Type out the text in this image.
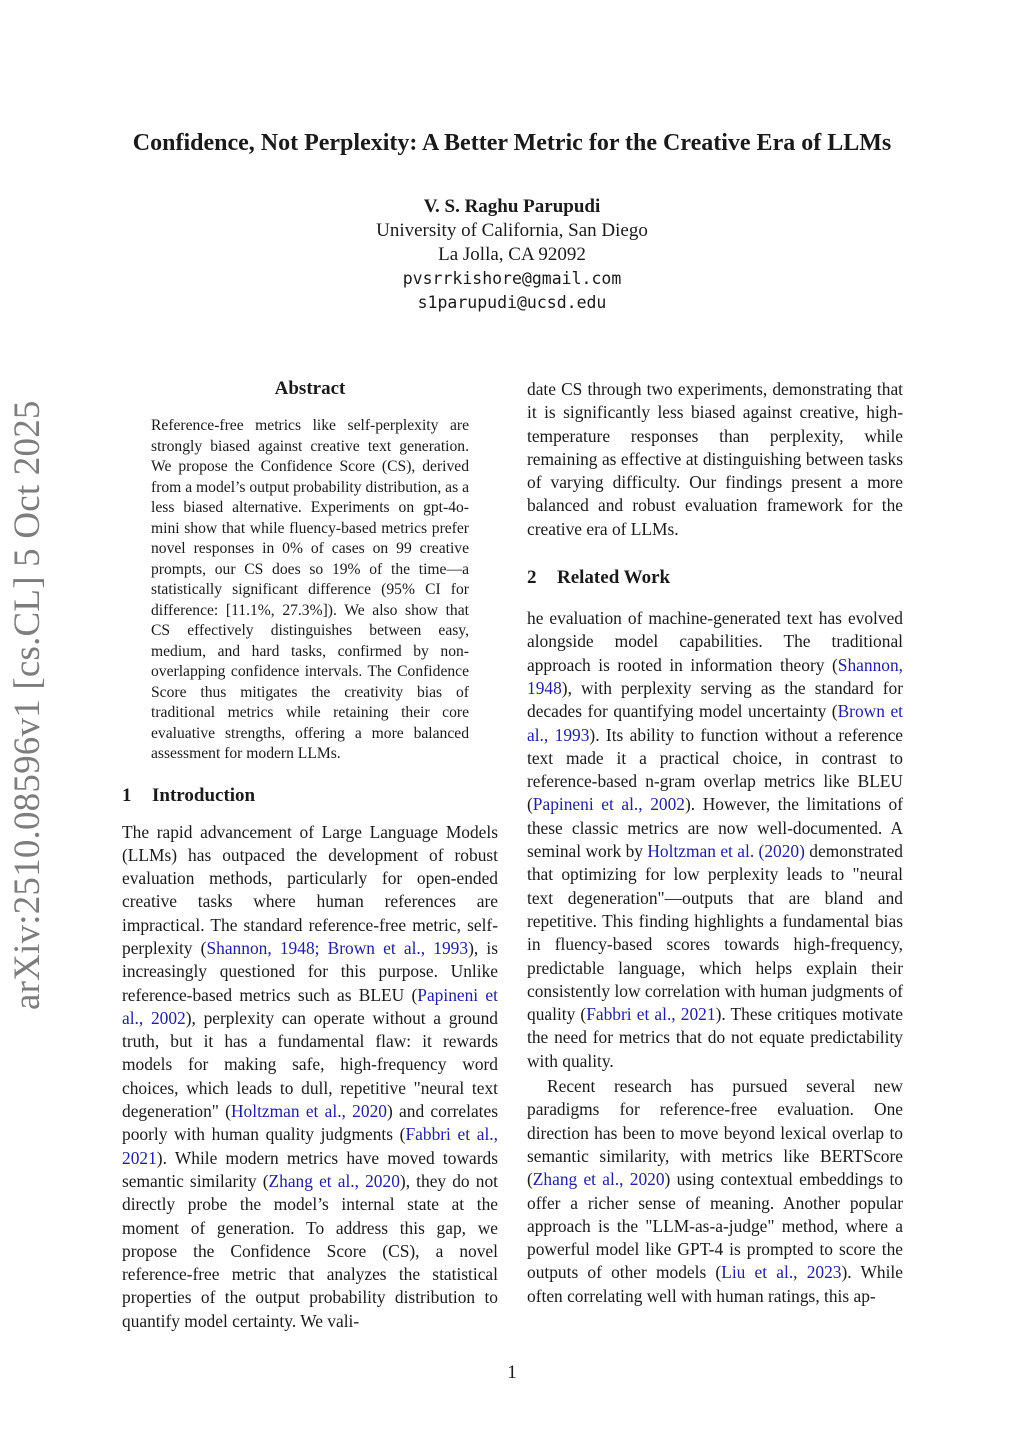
arXiv:2510.08596v1 [cs.CL] 5 Oct 2025
Confidence, Not Perplexity: A Better Metric for the Creative Era of LLMs
V. S. Raghu Parupudi
University of California, San Diego
La Jolla, CA 92092
pvsrrkishore@gmail.com
s1parupudi@ucsd.edu
Abstract

Reference-free metrics like self-perplexity are strongly biased against creative text generation. We propose the Confidence Score (CS), derived from a model’s output probability distribution, as a less biased alternative. Experiments on gpt-4o-mini show that while fluency-based metrics prefer novel responses in 0% of cases on 99 creative prompts, our CS does so 19% of the time—a statistically significant difference (95% CI for difference: [11.1%, 27.3%]). We also show that CS effectively distinguishes between easy, medium, and hard tasks, confirmed by non-overlapping confidence intervals. The Confidence Score thus mitigates the creativity bias of traditional metrics while retaining their core evaluative strengths, offering a more balanced assessment for modern LLMs.

1 Introduction

The rapid advancement of Large Language Models (LLMs) has outpaced the development of robust evaluation methods, particularly for open-ended creative tasks where human references are impractical. The standard reference-free metric, self-perplexity (Shannon, 1948; Brown et al., 1993), is increasingly questioned for this purpose. Unlike reference-based metrics such as BLEU (Papineni et al., 2002), perplexity can operate without a ground truth, but it has a fundamental flaw: it rewards models for making safe, high-frequency word choices, which leads to dull, repetitive "neural text degeneration" (Holtzman et al., 2020) and correlates poorly with human quality judgments (Fabbri et al., 2021). While modern metrics have moved towards semantic similarity (Zhang et al., 2020), they do not directly probe the model’s internal state at the moment of generation. To address this gap, we propose the Confidence Score (CS), a novel reference-free metric that analyzes the statistical properties of the output probability distribution to quantify model certainty. We vali-

date CS through two experiments, demonstrating that it is significantly less biased against creative, high-temperature responses than perplexity, while remaining as effective at distinguishing between tasks of varying difficulty. Our findings present a more balanced and robust evaluation framework for the creative era of LLMs.

2 Related Work

he evaluation of machine-generated text has evolved alongside model capabilities. The traditional approach is rooted in information theory (Shannon, 1948), with perplexity serving as the standard for decades for quantifying model uncertainty (Brown et al., 1993). Its ability to function without a reference text made it a practical choice, in contrast to reference-based n-gram overlap metrics like BLEU (Papineni et al., 2002). However, the limitations of these classic metrics are now well-documented. A seminal work by Holtzman et al. (2020) demonstrated that optimizing for low perplexity leads to "neural text degeneration"—outputs that are bland and repetitive. This finding highlights a fundamental bias in fluency-based scores towards high-frequency, predictable language, which helps explain their consistently low correlation with human judgments of quality (Fabbri et al., 2021). These critiques motivate the need for metrics that do not equate predictability with quality.

Recent research has pursued several new paradigms for reference-free evaluation. One direction has been to move beyond lexical overlap to semantic similarity, with metrics like BERTScore (Zhang et al., 2020) using contextual embeddings to offer a richer sense of meaning. Another popular approach is the "LLM-as-a-judge" method, where a powerful model like GPT-4 is prompted to score the outputs of other models (Liu et al., 2023). While often correlating well with human ratings, this ap-

1
